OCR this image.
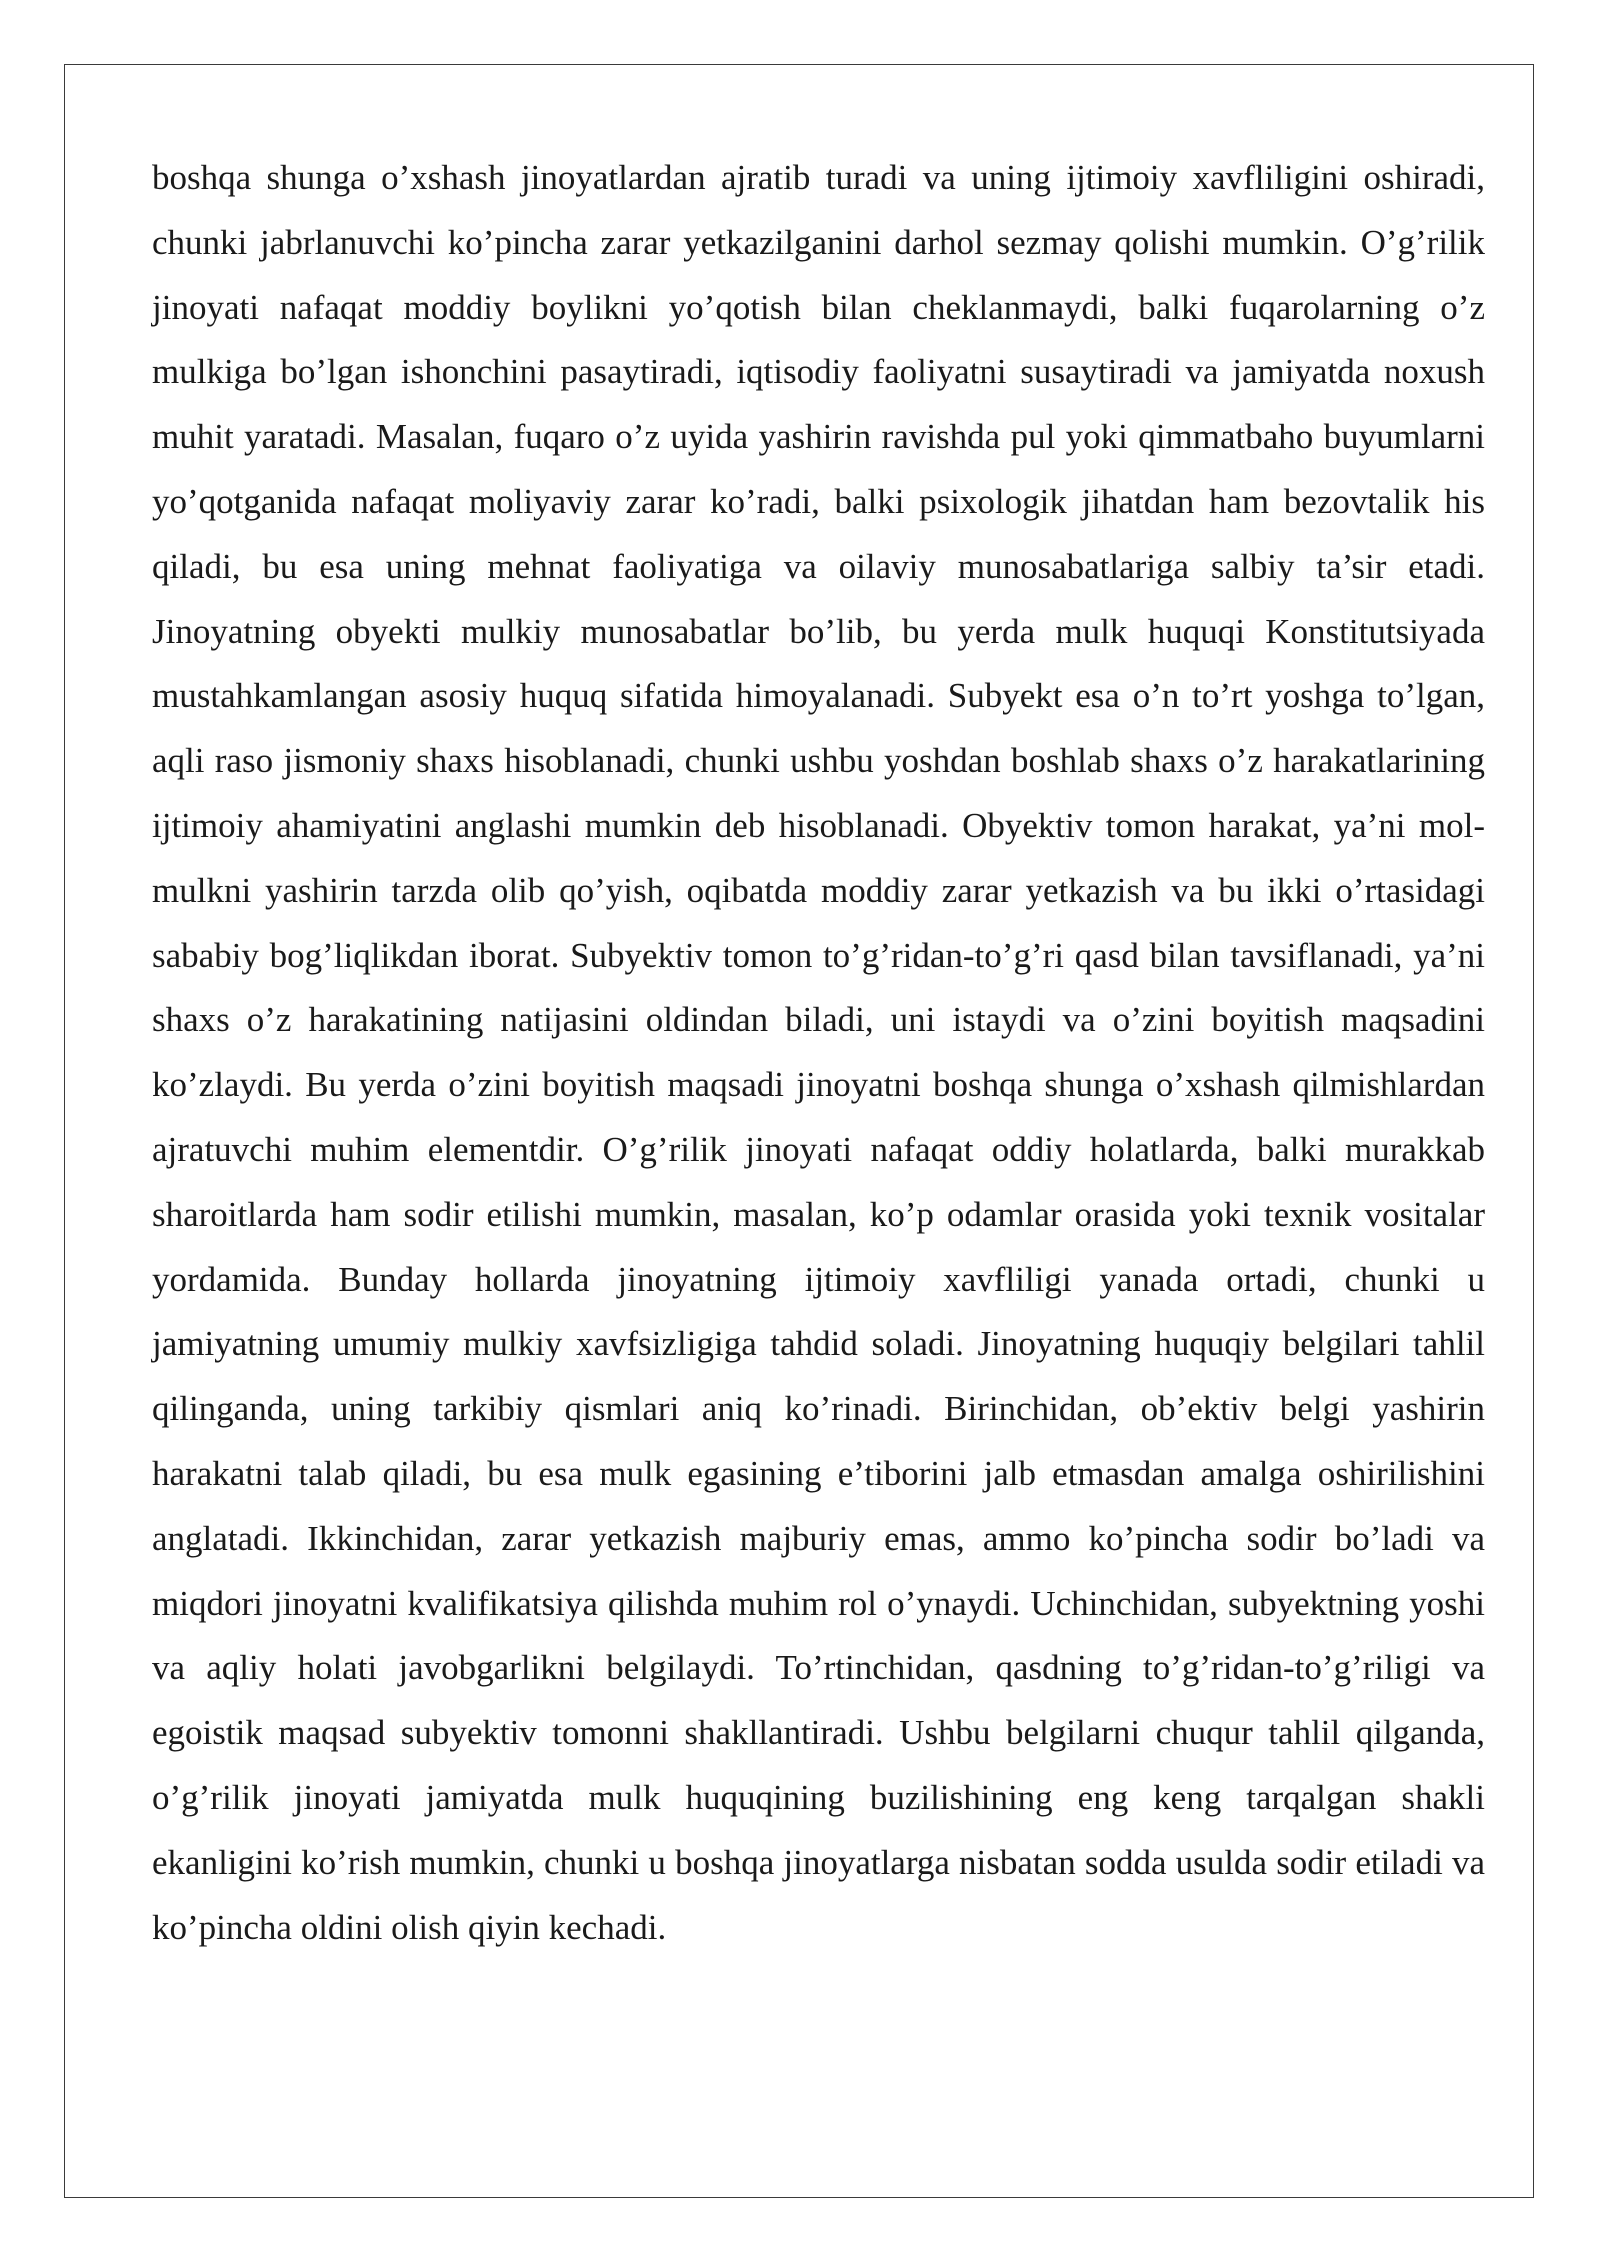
boshqa shunga o’xshash jinoyatlardan ajratib turadi va uning ijtimoiy xavfliligini oshiradi, chunki jabrlanuvchi ko’pincha zarar yetkazilganini darhol sezmay qolishi mumkin. O’g’rilik jinoyati nafaqat moddiy boylikni yo’qotish bilan cheklanmaydi, balki fuqarolarning o’z mulkiga bo’lgan ishonchini pasaytiradi, iqtisodiy faoliyatni susaytiradi va jamiyatda noxush muhit yaratadi. Masalan, fuqaro o’z uyida yashirin ravishda pul yoki qimmatbaho buyumlarni yo’qotganida nafaqat moliyaviy zarar ko’radi, balki psixologik jihatdan ham bezovtalik his qiladi, bu esa uning mehnat faoliyatiga va oilaviy munosabatlariga salbiy ta’sir etadi. Jinoyatning obyekti mulkiy munosabatlar bo’lib, bu yerda mulk huquqi Konstitutsiyada mustahkamlangan asosiy huquq sifatida himoyalanadi. Subyekt esa o’n to’rt yoshga to’lgan, aqli raso jismoniy shaxs hisoblanadi, chunki ushbu yoshdan boshlab shaxs o’z harakatlarining ijtimoiy ahamiyatini anglashi mumkin deb hisoblanadi. Obyektiv tomon harakat, ya’ni mol-mulkni yashirin tarzda olib qo’yish, oqibatda moddiy zarar yetkazish va bu ikki o’rtasidagi sababiy bog’liqlikdan iborat. Subyektiv tomon to’g’ridan-to’g’ri qasd bilan tavsiflanadi, ya’ni shaxs o’z harakatining natijasini oldindan biladi, uni istaydi va o’zini boyitish maqsadini ko’zlaydi. Bu yerda o’zini boyitish maqsadi jinoyatni boshqa shunga o’xshash qilmishlardan ajratuvchi muhim elementdir. O’g’rilik jinoyati nafaqat oddiy holatlarda, balki murakkab sharoitlarda ham sodir etilishi mumkin, masalan, ko’p odamlar orasida yoki texnik vositalar yordamida. Bunday hollarda jinoyatning ijtimoiy xavfliligi yanada ortadi, chunki u jamiyatning umumiy mulkiy xavfsizligiga tahdid soladi. Jinoyatning huquqiy belgilari tahlil qilinganda, uning tarkibiy qismlari aniq ko’rinadi. Birinchidan, ob’ektiv belgi yashirin harakatni talab qiladi, bu esa mulk egasining e’tiborini jalb etmasdan amalga oshirilishini anglatadi. Ikkinchidan, zarar yetkazish majburiy emas, ammo ko’pincha sodir bo’ladi va miqdori jinoyatni kvalifikatsiya qilishda muhim rol o’ynaydi. Uchinchidan, subyektning yoshi va aqliy holati javobgarlikni belgilaydi. To’rtinchidan, qasdning to’g’ridan-to’g’riligi va egoistik maqsad subyektiv tomonni shakllantiradi. Ushbu belgilarni chuqur tahlil qilganda, o’g’rilik jinoyati jamiyatda mulk huquqining buzilishining eng keng tarqalgan shakli ekanligini ko’rish mumkin, chunki u boshqa jinoyatlarga nisbatan sodda usulda sodir etiladi va ko’pincha oldini olish qiyin kechadi.
